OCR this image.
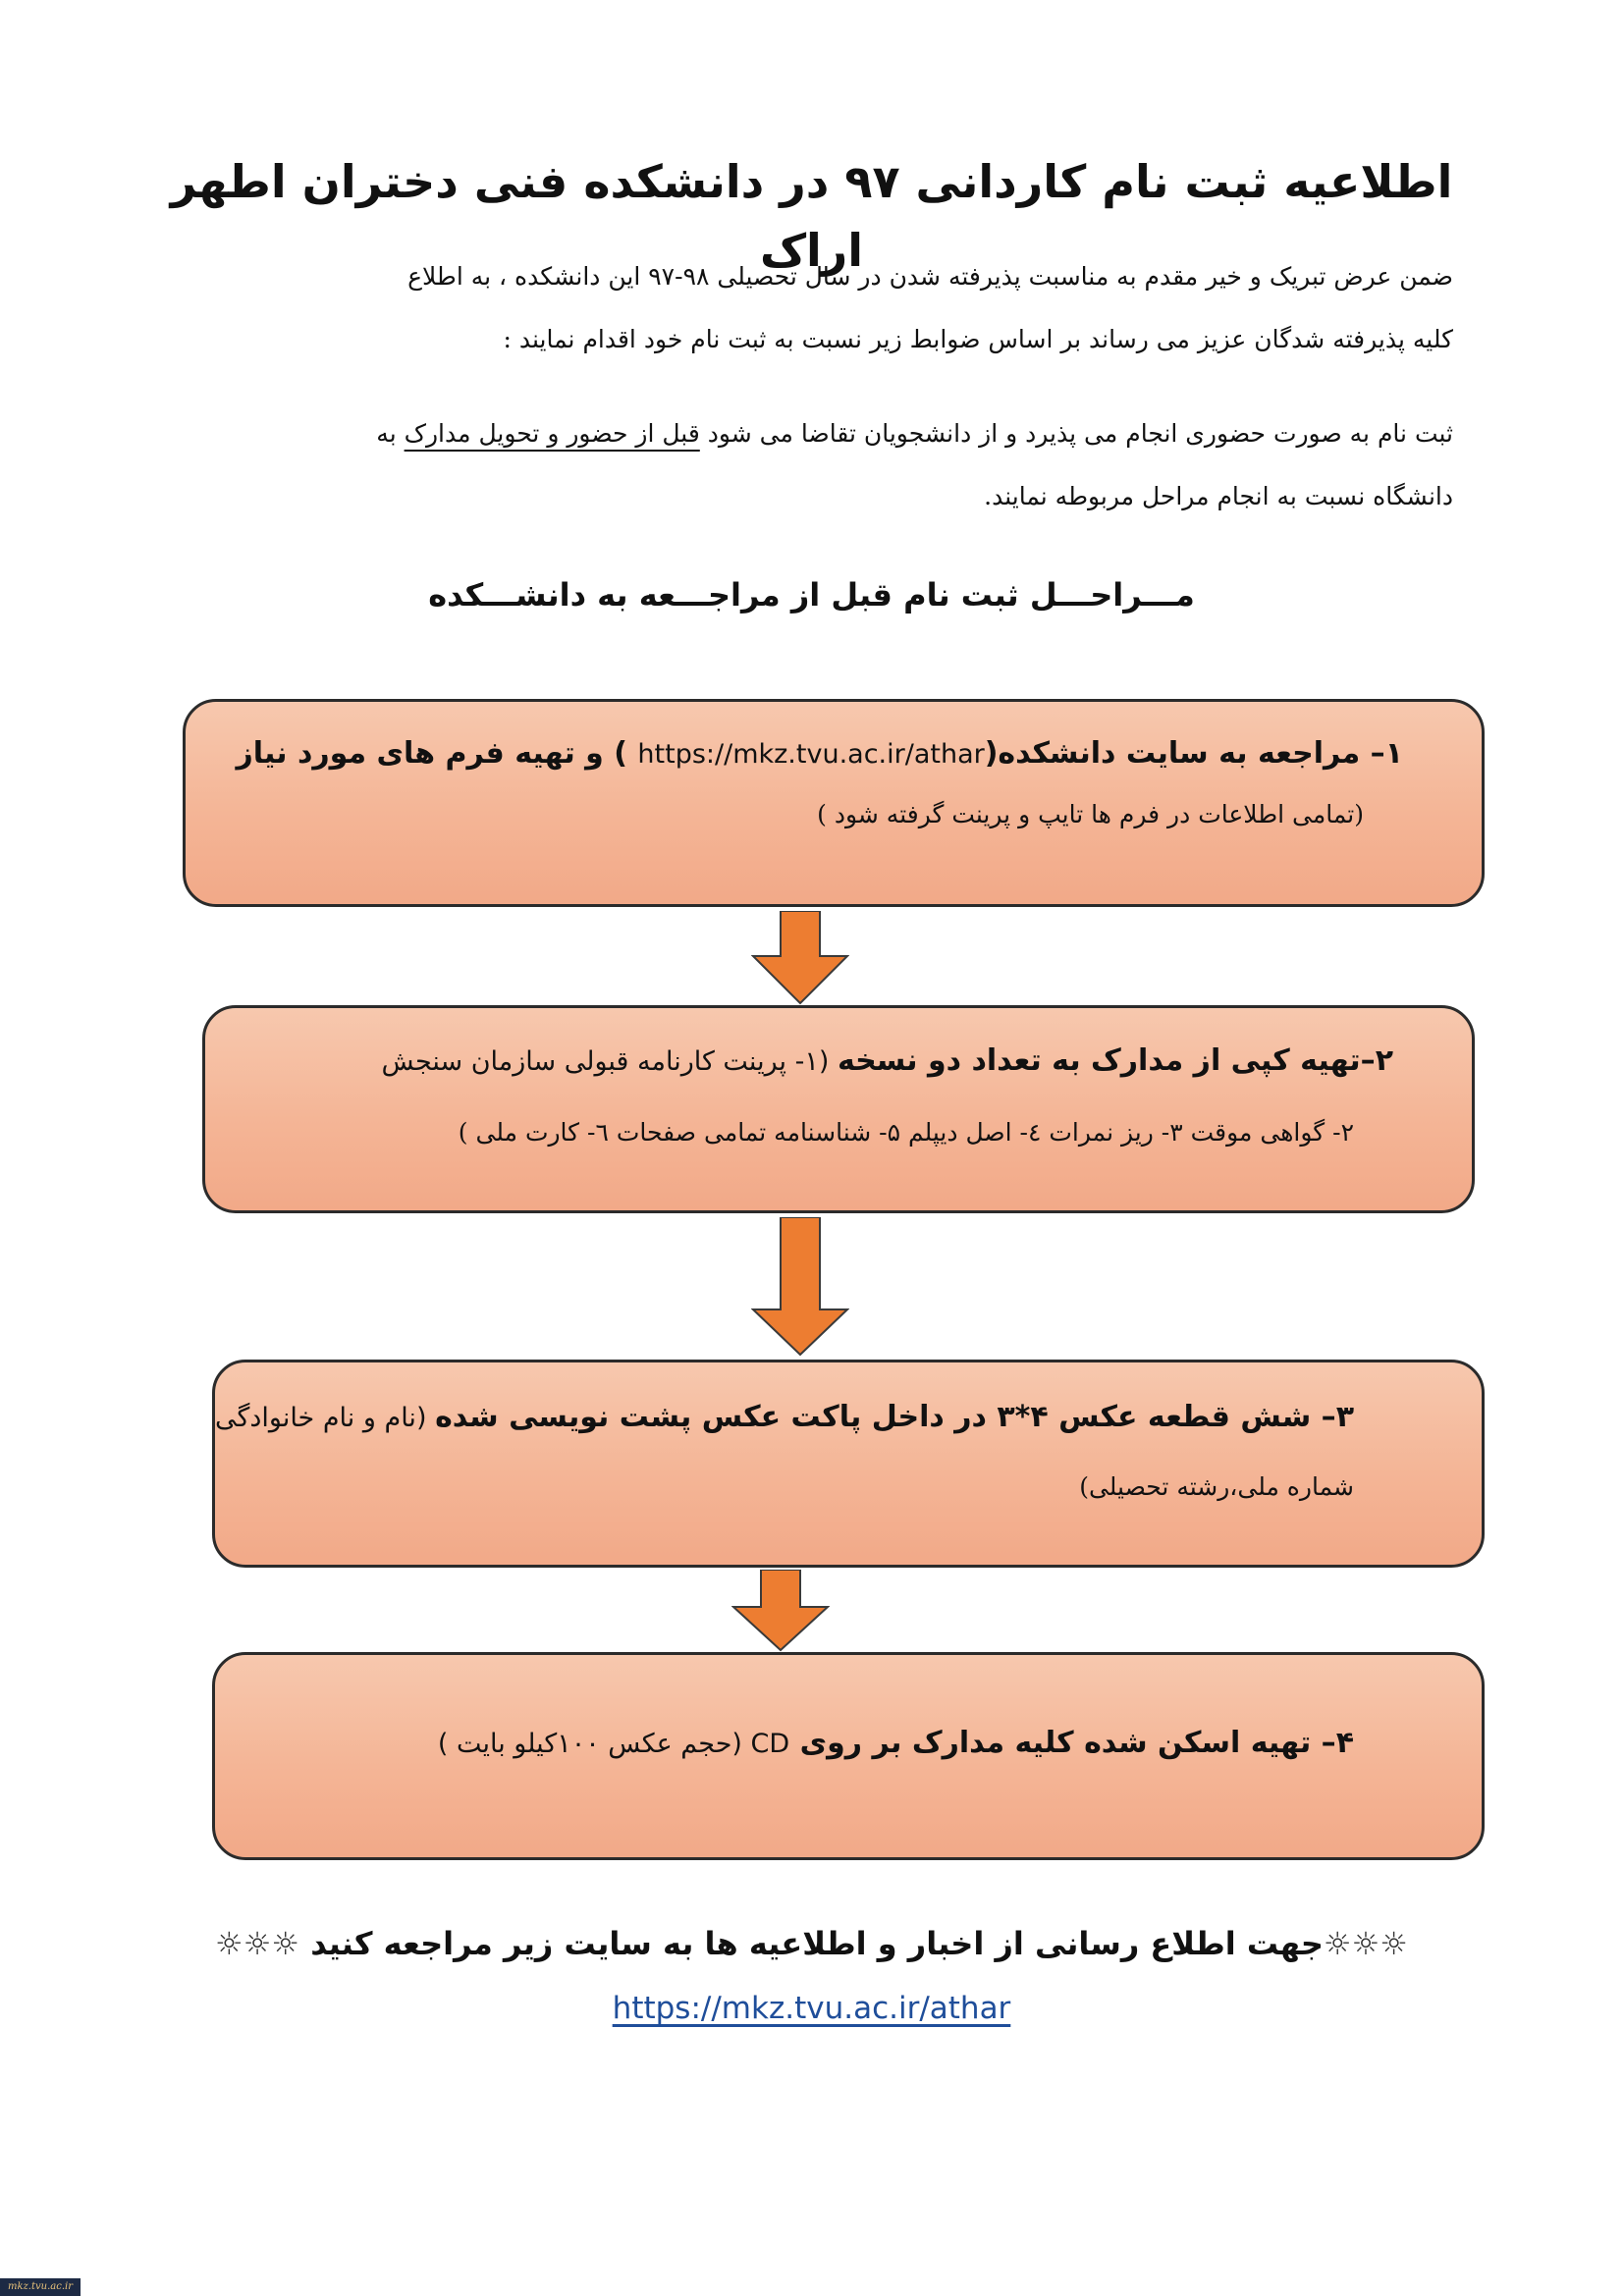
اطلاعیه ثبت نام کاردانی ۹۷ در دانشکده فنی دختران اطهر اراک
ضمن عرض تبریک و خیر مقدم به مناسبت پذیرفته شدن در سال تحصیلی ۹۸-۹۷ این دانشکده ، به اطلاع
کلیه پذیرفته شدگان عزیز می رساند بر اساس ضوابط زیر نسبت به ثبت نام خود اقدام نمایند :
ثبت نام به صورت حضوری انجام می پذیرد و از دانشجویان تقاضا می شود قبل از حضور و تحویل مدارک به
دانشگاه نسبت به انجام مراحل مربوطه نمایند.
مـــراحـــل ثبت نام قبل از مراجـــعه به دانشـــکده
۱– مراجعه به سایت دانشکده(https://mkz.tvu.ac.ir/athar ) و تهیه فرم های مورد نیاز
(تمامی اطلاعات در فرم ها تایپ و پرینت گرفته شود )
۲–تهیه کپی از مدارک به تعداد دو نسخه (۱- پرینت کارنامه قبولی سازمان سنجش
۲- گواهی موقت ۳- ریز نمرات ٤- اصل دیپلم ۵- شناسنامه تمامی صفحات ٦- کارت ملی )
۳– شش قطعه عکس ۴*۳ در داخل پاکت عکس پشت نویسی شده (نام و نام خانوادگی
شماره ملی،رشته تحصیلی)
۴– تهیه اسکن شده کلیه مدارک بر روی CD (حجم عکس ۱۰۰کیلو بایت )
☼☼☼جهت اطلاع رسانی از اخبار و اطلاعیه ها به سایت زیر مراجعه کنید ☼☼☼
https://mkz.tvu.ac.ir/athar
mkz.tvu.ac.ir
